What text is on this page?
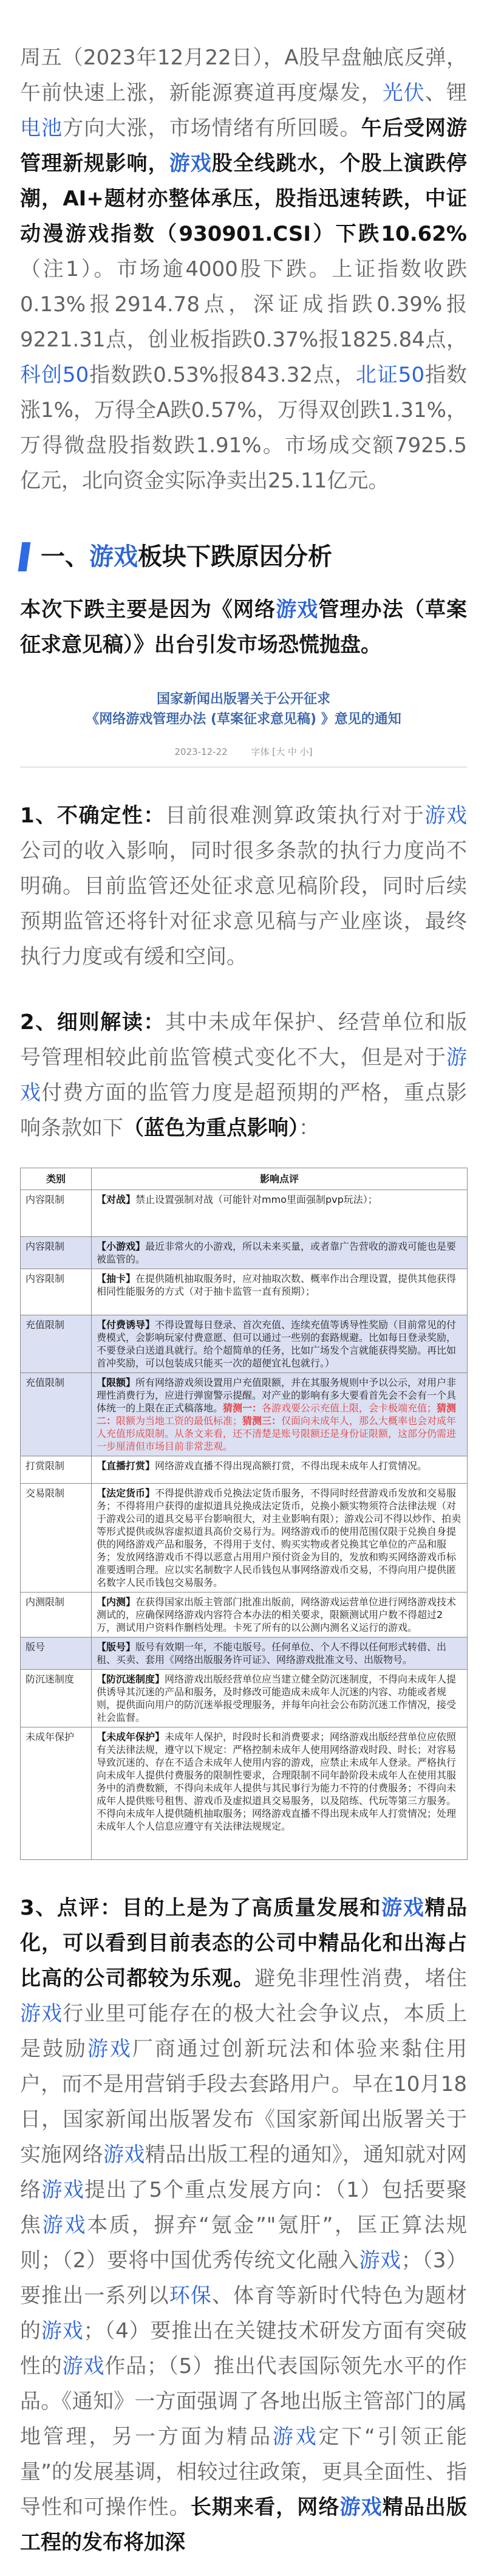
周五（2023年12月22日），A股早盘触底反弹，午前快速上涨，新能源赛道再度爆发，光伏、锂电池方向大涨，市场情绪有所回暖。午后受网游管理新规影响，游戏股全线跳水，个股上演跌停潮，AI+题材亦整体承压，股指迅速转跌，中证动漫游戏指数（930901.CSI）下跌10.62%（注1）。市场逾4000股下跌。上证指数收跌0.13%报2914.78点，深证成指跌0.39%报9221.31点，创业板指跌0.37%报1825.84点，科创50指数跌0.53%报843.32点，北证50指数涨1%，万得全A跌0.57%，万得双创跌1.31%，万得微盘股指数跌1.91%。市场成交额7925.5亿元，北向资金实际净卖出25.11亿元。

一、游戏板块下跌原因分析

本次下跌主要是因为《网络游戏管理办法（草案征求意见稿）》出台引发市场恐慌抛盘。

国家新闻出版署关于公开征求
《网络游戏管理办法 (草案征求意见稿) 》意见的通知
2023-12-22	字体 [大 中 小]

1、不确定性：目前很难测算政策执行对于游戏公司的收入影响，同时很多条款的执行力度尚不明确。目前监管还处征求意见稿阶段，同时后续预期监管还将针对征求意见稿与产业座谈，最终执行力度或有缓和空间。

2、细则解读：其中未成年保护、经营单位和版号管理相较此前监管模式变化不大，但是对于游戏付费方面的监管力度是超预期的严格，重点影响条款如下（蓝色为重点影响）：

类别	影响点评
内容限制	【对战】禁止设置强制对战（可能针对mmo里面强制pvp玩法）；
内容限制	【小游戏】最近非常火的小游戏，所以未来买量，或者靠广告营收的游戏可能也是要被监管的。
内容限制	【抽卡】在提供随机抽取服务时，应对抽取次数、概率作出合理设置，提供其他获得相同性能服务的方式（对于抽卡监管一直有预期）；
充值限制	【付费诱导】不得设置每日登录、首次充值、连续充值等诱导性奖励（目前常见的付费模式，会影响玩家付费意愿、但可以通过一些别的套路规避。比如每日登录奖励，不要登录白送道具就行。给个超简单的任务，比如广场发个言就能获得奖励。再比如首冲奖励，可以包装成只能买一次的超便宜礼包就行。）
充值限制	【限额】所有网络游戏须设置用户充值限额，并在其服务规则中予以公示，对用户非理性消费行为，应进行弹窗警示提醒。对产业的影响有多大要看首先会不会有一个具体统一的上限在正式稿落地。猜测一：各游戏要公示充值上限，会卡极端充值；猜测二：限额为当地工资的最低标准；猜测三：仅面向未成年人，那么大概率也会对成年人充值形成限制。从条文来看，还不清楚是账号限额还是身份证限额，这部分仍需进一步厘清但市场目前非常悲观。
打赏限制	【直播打赏】网络游戏直播不得出现高额打赏，不得出现未成年人打赏情况。
交易限制	【法定货币】不得提供游戏币兑换法定货币服务，不得同时经营游戏币发放和交易服务；不得将用户获得的虚拟道具兑换成法定货币，兑换小额实物须符合法律法规（对于游戏公司的道具交易平台影响很大，对主业影响有限）；游戏公司不得以炒作、拍卖等形式提供或纵容虚拟道具高价交易行为。网络游戏币的使用范围仅限于兑换自身提供的网络游戏产品和服务，不得用于支付、购买实物或者兑换其它单位的产品和服务；发放网络游戏币不得以恶意占用用户预付资金为目的，发放和购买网络游戏币标准要透明合理。应以实名制数字人民币钱包从事网络游戏币交易，不得向用户提供匿名数字人民币钱包交易服务。
内测限制	【内测】在获得国家出版主管部门批准出版前，网络游戏运营单位进行网络游戏技术测试的，应确保网络游戏内容符合本办法的相关要求，限额测试用户数不得超过2万，测试用户资料作删档处理。卡死了所有的以公测内测名义运行的游戏。
版号	【版号】版号有效期一年，不能屯版号。任何单位、个人不得以任何形式转借、出租、买卖、套用《网络出版服务许可证》、网络游戏批准文号、出版物号。
防沉迷制度	【防沉迷制度】网络游戏出版经营单位应当建立健全防沉迷制度，不得向未成年人提供诱导其沉迷的产品和服务，及时修改可能造成未成年人沉迷的内容、功能或者规则，提供面向用户的防沉迷举报受理服务，并每年向社会公布防沉迷工作情况，接受社会监督。
未成年保护	【未成年保护】未成年人保护，时段时长和消费要求；网络游戏出版经营单位应依照有关法律法规，遵守以下规定：严格控制未成年人使用网络游戏时段、时长；对容易导致沉迷的、存在不适合未成年人使用内容的游戏，应禁止未成年人登录。严格执行向未成年人提供付费服务的限制性要求，合理限制不同年龄阶段未成年人在使用其服务中的消费数额，不得向未成年人提供与其民事行为能力不符的付费服务；不得向未成年人提供账号租售、游戏币及虚拟道具交易服务，以及陪练、代玩等第三方服务。不得向未成年人提供随机抽取服务；网络游戏直播不得出现未成年人打赏情况；处理未成年人个人信息应遵守有关法律法规规定。

3、点评：目的上是为了高质量发展和游戏精品化，可以看到目前表态的公司中精品化和出海占比高的公司都较为乐观。避免非理性消费，堵住游戏行业里可能存在的极大社会争议点，本质上是鼓励游戏厂商通过创新玩法和体验来黏住用户，而不是用营销手段去套路用户。早在10月18日，国家新闻出版署发布《国家新闻出版署关于实施网络游戏精品出版工程的通知》，通知就对网络游戏提出了5个重点发展方向：（1）包括要聚焦游戏本质，摒弃“氪金”"氪肝”，匡正算法规则；（2）要将中国优秀传统文化融入游戏；（3）要推出一系列以环保、体育等新时代特色为题材的游戏；（4）要推出在关键技术研发方面有突破性的游戏作品；（5）推出代表国际领先水平的作品。《通知》一方面强调了各地出版主管部门的属地管理，另一方面为精品游戏定下“引领正能量”的发展基调，相较过往政策，更具全面性、指导性和可操作性。长期来看，网络游戏精品出版工程的发布将加深
